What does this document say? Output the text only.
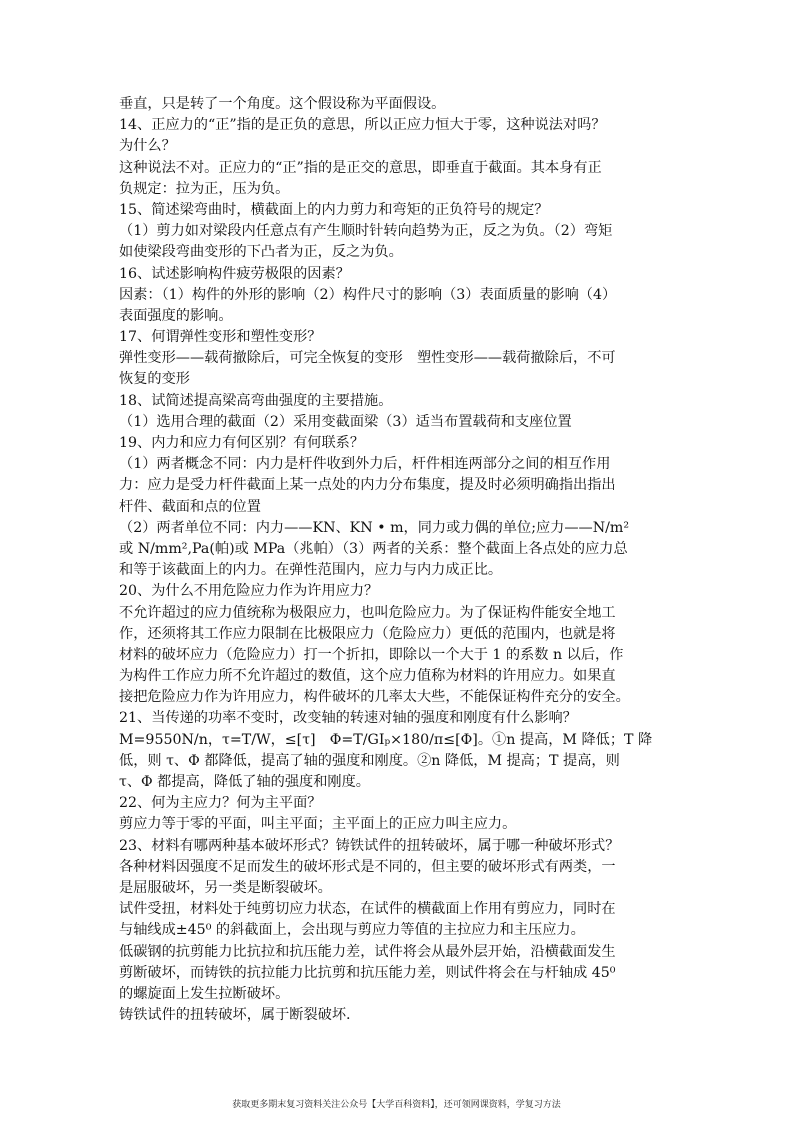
垂直，只是转了一个角度。这个假设称为平面假设。
14、正应力的“正”指的是正负的意思，所以正应力恒大于零，这种说法对吗？
为什么？
这种说法不对。正应力的“正”指的是正交的意思，即垂直于截面。其本身有正
负规定：拉为正，压为负。
15、简述梁弯曲时，横截面上的内力剪力和弯矩的正负符号的规定？
（1）剪力如对梁段内任意点有产生顺时针转向趋势为正，反之为负。（2）弯矩
如使梁段弯曲变形的下凸者为正，反之为负。
16、试述影响构件疲劳极限的因素？
因素：（1）构件的外形的影响（2）构件尺寸的影响（3）表面质量的影响（4）
表面强度的影响。
17、何谓弹性变形和塑性变形？
弹性变形——载荷撤除后，可完全恢复的变形　塑性变形——载荷撤除后，不可
恢复的变形
18、试简述提高梁高弯曲强度的主要措施。
（1）选用合理的截面（2）采用变截面梁（3）适当布置载荷和支座位置
19、内力和应力有何区别？有何联系？
（1）两者概念不同：内力是杆件收到外力后，杆件相连两部分之间的相互作用
力：应力是受力杆件截面上某一点处的内力分布集度，提及时必须明确指出指出
杆件、截面和点的位置
（2）两者单位不同：内力——KN、KN • m，同力或力偶的单位;应力——N/m²
或 N/mm²,Pa(帕)或 MPa（兆帕）（3）两者的关系：整个截面上各点处的应力总
和等于该截面上的内力。在弹性范围内，应力与内力成正比。
20、为什么不用危险应力作为许用应力？
不允许超过的应力值统称为极限应力，也叫危险应力。为了保证构件能安全地工
作，还须将其工作应力限制在比极限应力（危险应力）更低的范围内，也就是将
材料的破坏应力（危险应力）打一个折扣，即除以一个大于 1 的系数 n 以后，作
为构件工作应力所不允许超过的数值，这个应力值称为材料的许用应力。如果直
接把危险应力作为许用应力，构件破坏的几率太大些，不能保证构件充分的安全。
21、当传递的功率不变时，改变轴的转速对轴的强度和刚度有什么影响？
M=9550N/n，τ=T/W，≤[τ]　Φ=T/GIₚ×180/π≤[Φ]。①n 提高，M 降低；T 降
低，则 τ、Φ 都降低，提高了轴的强度和刚度。②n 降低，M 提高；T 提高，则
τ、Φ 都提高，降低了轴的强度和刚度。
22、何为主应力？何为主平面？
剪应力等于零的平面，叫主平面；主平面上的正应力叫主应力。
23、材料有哪两种基本破坏形式？铸铁试件的扭转破坏，属于哪一种破坏形式？
各种材料因强度不足而发生的破坏形式是不同的，但主要的破坏形式有两类，一
是屈服破坏，另一类是断裂破坏。
试件受扭，材料处于纯剪切应力状态，在试件的横截面上作用有剪应力，同时在
与轴线成±45⁰ 的斜截面上，会出现与剪应力等值的主拉应力和主压应力。
低碳钢的抗剪能力比抗拉和抗压能力差，试件将会从最外层开始，沿横截面发生
剪断破坏，而铸铁的抗拉能力比抗剪和抗压能力差，则试件将会在与杆轴成 45⁰
的螺旋面上发生拉断破坏。
铸铁试件的扭转破坏，属于断裂破坏.
获取更多期末复习资料关注公众号【大学百科资料】，还可领网课资料，学复习方法
